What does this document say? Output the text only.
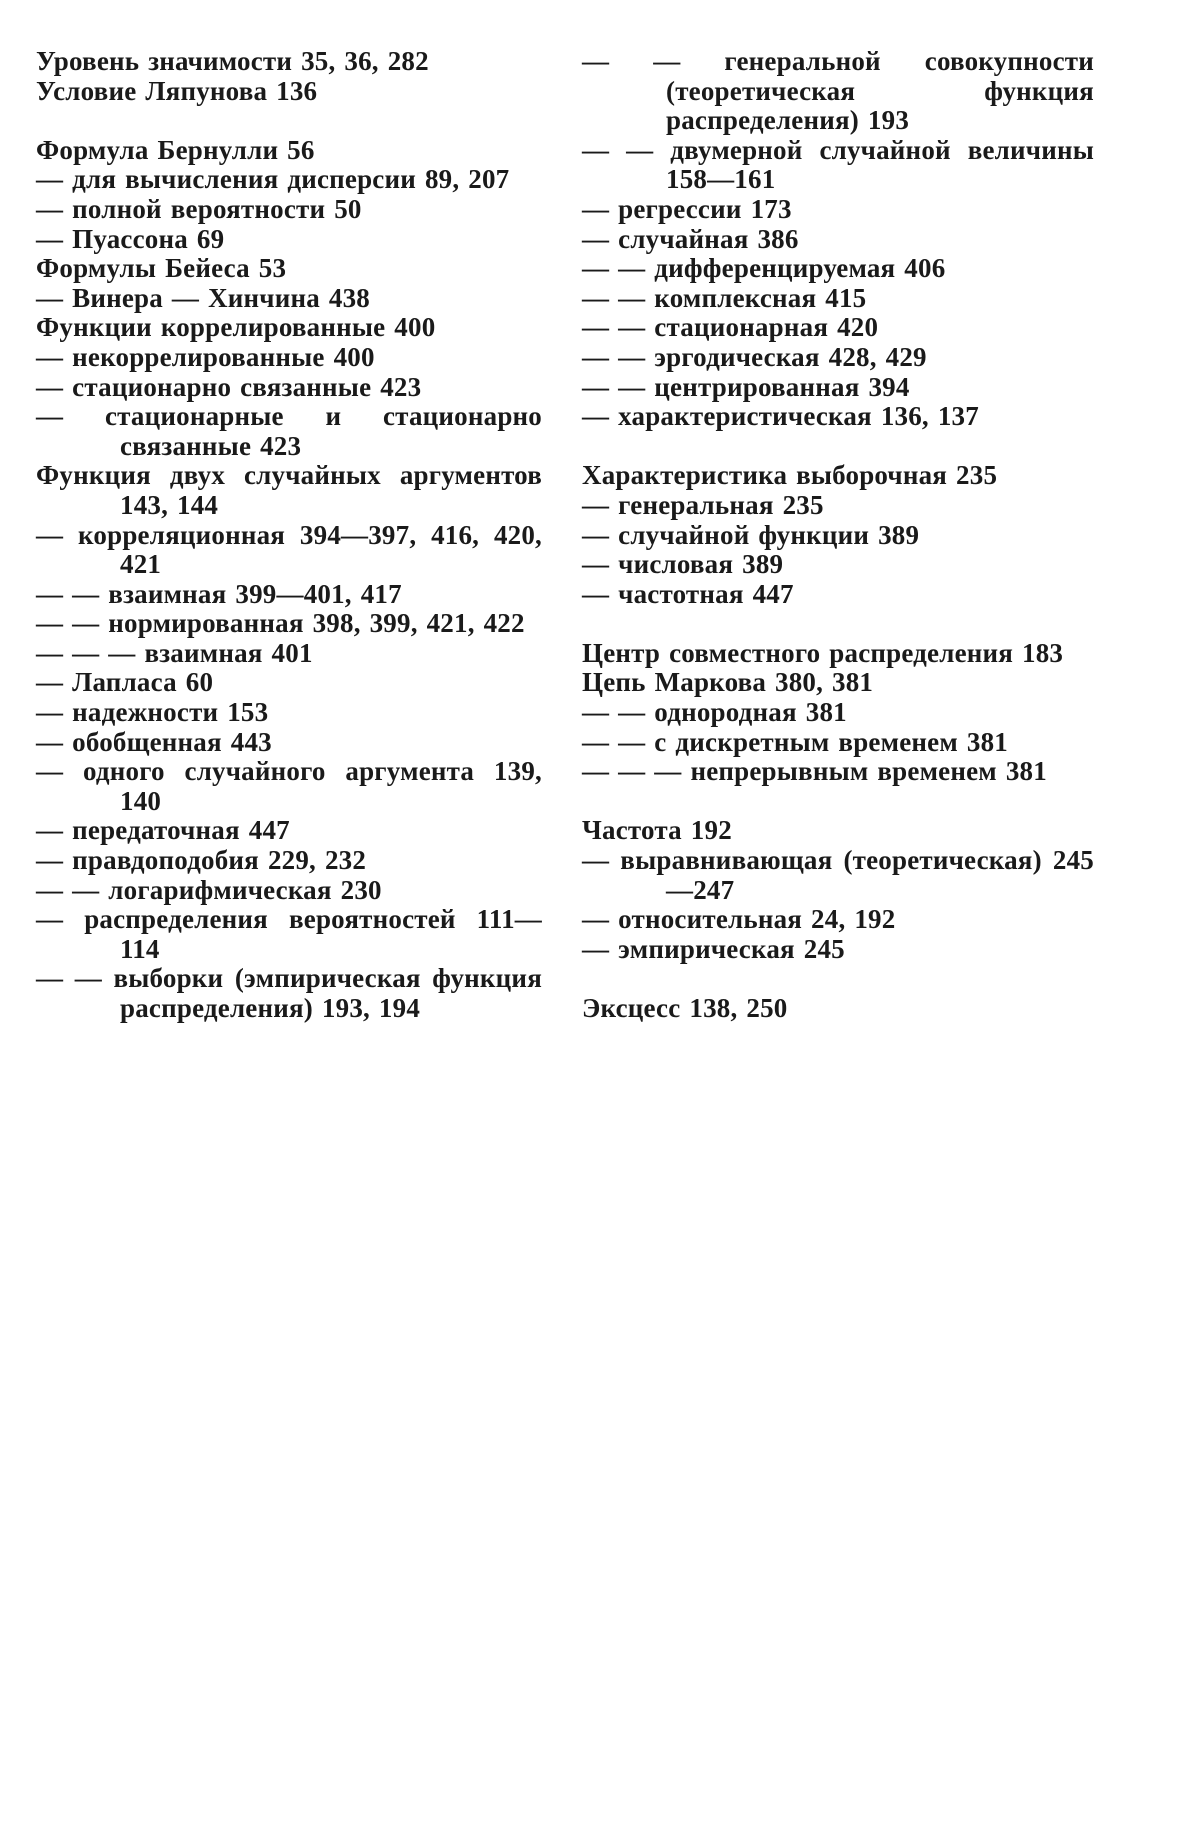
Уровень значимости 35, 36, 282
Условие Ляпунова 136
Формула Бернулли 56
— для вычисления дисперсии 89, 207
— полной вероятности 50
— Пуассона 69
Формулы Бейеса 53
— Винера — Хинчина 438
Функции коррелированные 400
— некоррелированные 400
— стационарно связанные 423
— стационарные и стационарно связанные 423
Функция двух случайных аргументов 143, 144
— корреляционная 394—397, 416, 420, 421
— — взаимная 399—401, 417
— — нормированная 398, 399, 421, 422
— — — взаимная 401
— Лапласа 60
— надежности 153
— обобщенная 443
— одного случайного аргумента 139, 140
— передаточная 447
— правдоподобия 229, 232
— — логарифмическая 230
— распределения вероятностей 111—114
— — выборки (эмпирическая функция распределения) 193, 194
— — генеральной совокупности (теоретическая функция распределения) 193
— — двумерной случайной величины 158—161
— регрессии 173
— случайная 386
— — дифференцируемая 406
— — комплексная 415
— — стационарная 420
— — эргодическая 428, 429
— — центрированная 394
— характеристическая 136, 137
Характеристика выборочная 235
— генеральная 235
— случайной функции 389
— числовая 389
— частотная 447
Центр совместного распределения 183
Цепь Маркова 380, 381
— — однородная 381
— — с дискретным временем 381
— — — непрерывным временем 381
Частота 192
— выравнивающая (теоретическая) 245—247
— относительная 24, 192
— эмпирическая 245
Эксцесс 138, 250
